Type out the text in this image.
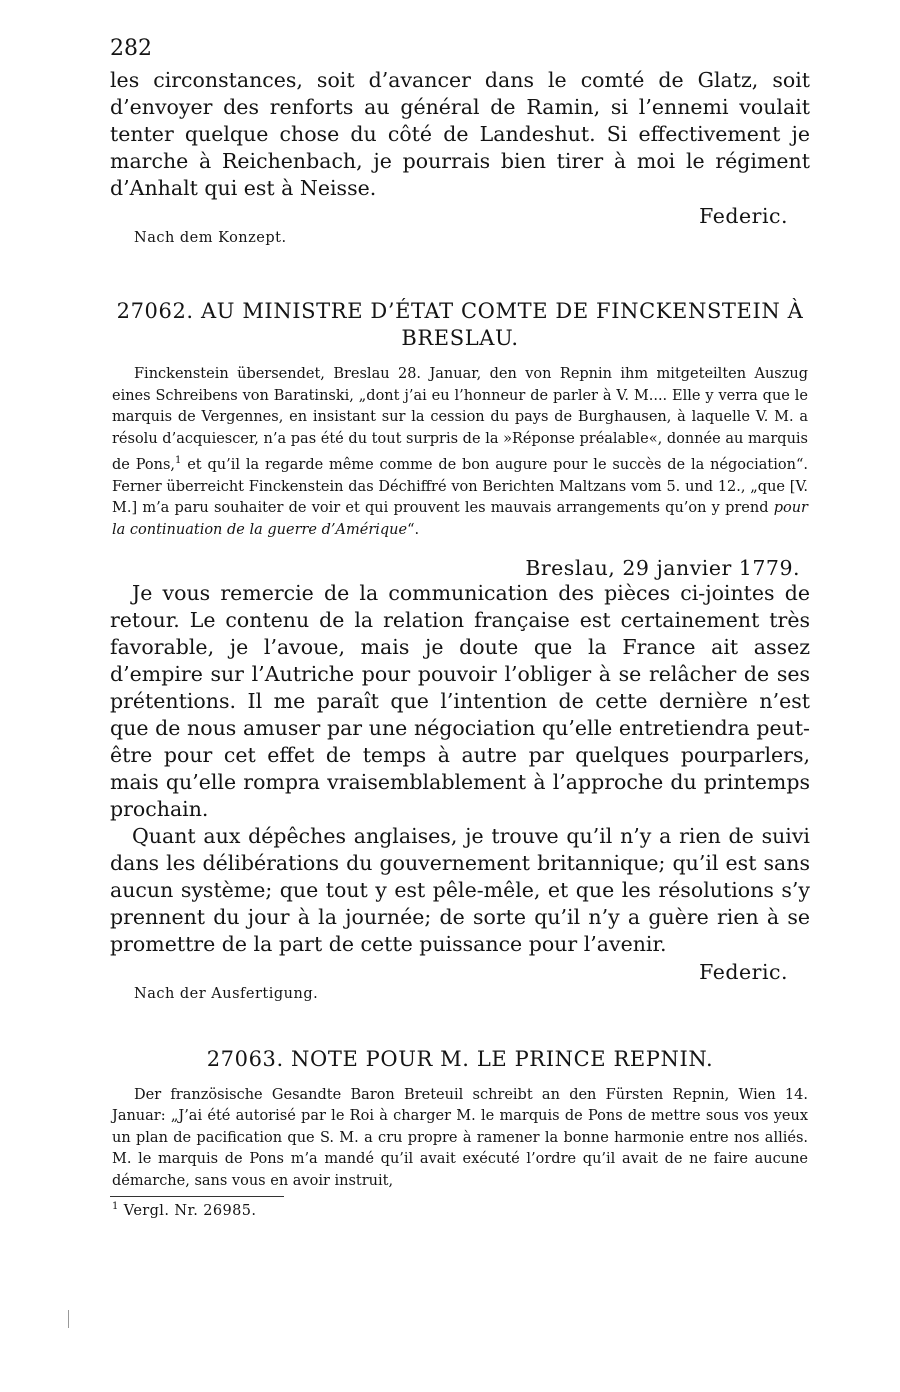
282

les circonstances, soit d’avancer dans le comté de Glatz, soit d’envoyer des renforts au général de Ramin, si l’ennemi voulait tenter quelque chose du côté de Landeshut. Si effectivement je marche à Reichenbach, je pourrais bien tirer à moi le régiment d’Anhalt qui est à Neisse.

Federic.
Nach dem Konzept.
27062. AU MINISTRE D’ÉTAT COMTE DE FINCKENSTEIN À BRESLAU.

Finckenstein übersendet, Breslau 28. Januar, den von Repnin ihm mitgeteilten Auszug eines Schreibens von Baratinski, „dont j’ai eu l’honneur de parler à V. M.... Elle y verra que le marquis de Vergennes, en insistant sur la cession du pays de Burghausen, à laquelle V. M. a résolu d’acquiescer, n’a pas été du tout surpris de la »Réponse préalable«, donnée au marquis de Pons,$^1$ et qu’il la regarde même comme de bon augure pour le succès de la négociation“. Ferner überreicht Finckenstein das Déchiffré von Berichten Maltzans vom 5. und 12., „que [V. M.] m’a paru souhaiter de voir et qui prouvent les mauvais arrangements qu’on y prend pour la continuation de la guerre d’Amérique“.

Breslau, 29 janvier 1779.

Je vous remercie de la communication des pièces ci-jointes de retour. Le contenu de la relation française est certainement très favorable, je l’avoue, mais je doute que la France ait assez d’empire sur l’Autriche pour pouvoir l’obliger à se relâcher de ses prétentions. Il me paraît que l’intention de cette dernière n’est que de nous amuser par une négociation qu’elle entretiendra peut-être pour cet effet de temps à autre par quelques pourparlers, mais qu’elle rompra vraisemblablement à l’approche du printemps prochain.

Quant aux dépêches anglaises, je trouve qu’il n’y a rien de suivi dans les délibérations du gouvernement britannique; qu’il est sans aucun système; que tout y est pêle-mêle, et que les résolutions s’y prennent du jour à la journée; de sorte qu’il n’y a guère rien à se promettre de la part de cette puissance pour l’avenir.

Federic.
Nach der Ausfertigung.
27063. NOTE POUR M. LE PRINCE REPNIN.

Der französische Gesandte Baron Breteuil schreibt an den Fürsten Repnin, Wien 14. Januar: „J’ai été autorisé par le Roi à charger M. le marquis de Pons de mettre sous vos yeux un plan de pacification que S. M. a cru propre à ramener la bonne harmonie entre nos alliés. M. le marquis de Pons m’a mandé qu’il avait exécuté l’ordre qu’il avait de ne faire aucune démarche, sans vous en avoir instruit,

$^1$ Vergl. Nr. 26985.
